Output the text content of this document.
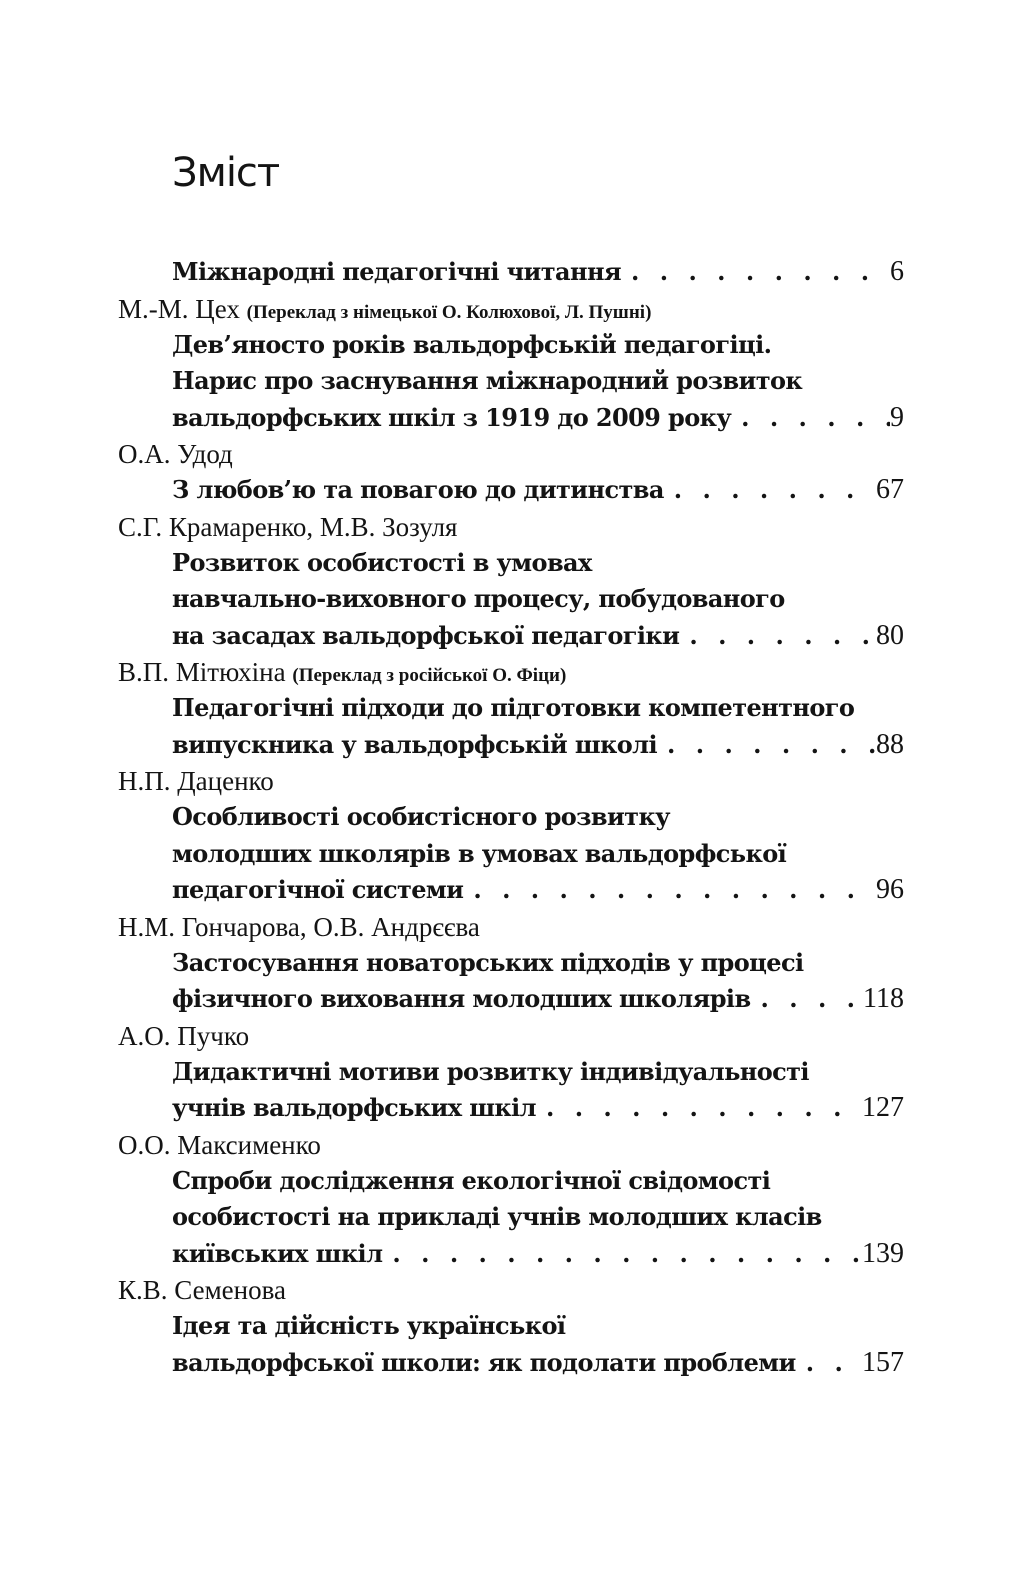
Зміст
Міжнародні педагогічні читання . . .	6
М.-М. Цех (Переклад з німецької О. Колюхової, Л. Пушні)
Дев’яносто років вальдорфській педагогіці.
Нарис про заснування міжнародний розвиток
вальдорфських шкіл з 1919 до 2009 року . . .	9
О.А. Удод
З любов’ю та повагою до дитинства . . .	67
С.Г. Крамаренко, М.В. Зозуля
Розвиток особистості в умовах
навчально-виховного процесу, побудованого
на засадах вальдорфської педагогіки . . .	80
В.П. Мітюхіна (Переклад з російської О. Фіци)
Педагогічні підходи до підготовки компетентного
випускника у вальдорфській школі . . .	88
Н.П. Даценко
Особливості особистісного розвитку
молодших школярів в умовах вальдорфської
педагогічної системи . . .	96
Н.М. Гончарова, О.В. Андрєєва
Застосування новаторських підходів у процесі
фізичного виховання молодших школярів . . .	118
А.О. Пучко
Дидактичні мотиви розвитку індивідуальності
учнів вальдорфських шкіл . . .	127
О.О. Максименко
Спроби дослідження екологічної свідомості
особистості на прикладі учнів молодших класів
київських шкіл . . .	139
К.В. Семенова
Ідея та дійсність української
вальдорфської школи: як подолати проблеми . . . 157
